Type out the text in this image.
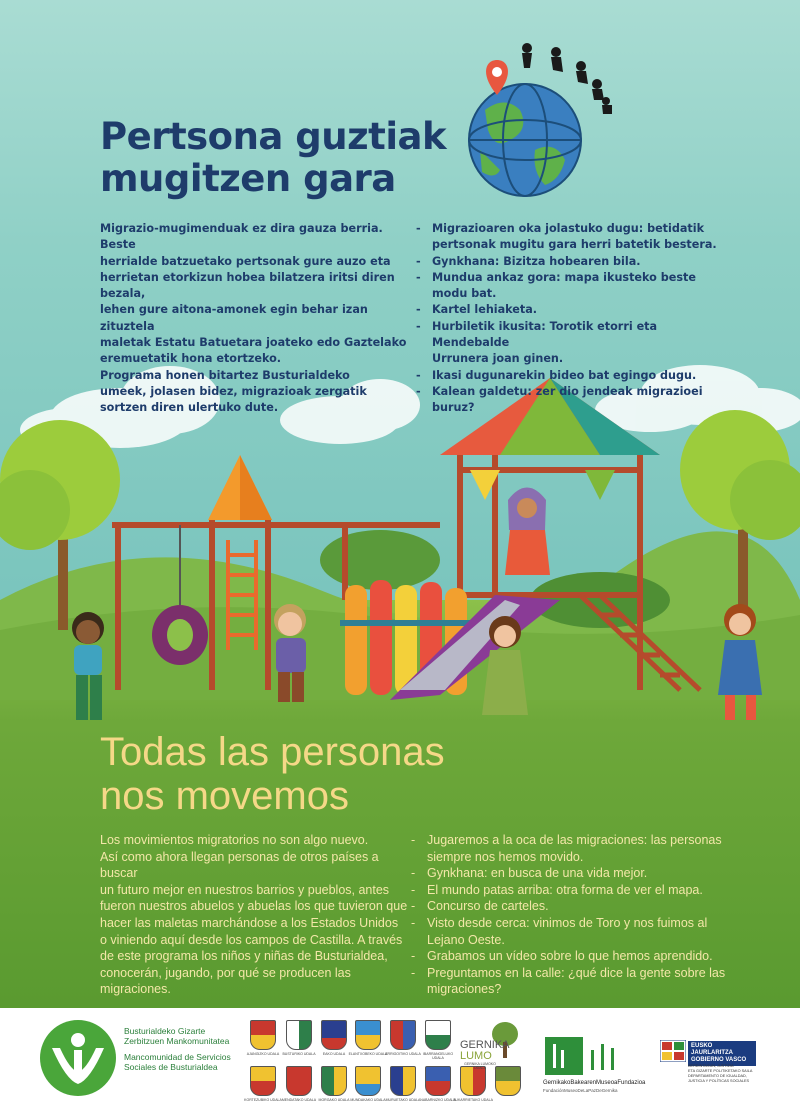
Pertsona guztiak
mugitzen gara
Migrazio-mugimenduak ez dira gauza berria. Beste
herrialde batzuetako pertsonak gure auzo eta
herrietan etorkizun hobea bilatzera iritsi diren bezala,
lehen gure aitona-amonek egin behar izan zituztela
maletak Estatu Batuetara joateko edo Gaztelako
eremuetatik hona etortzeko.
Programa honen bitartez Busturialdeko
umeek, jolasen bidez, migrazioak zergatik
sortzen diren ulertuko dute.
- Migrazioaren oka jolastuko dugu: betidatik
pertsonak mugitu gara herri batetik bestera.
- Gynkhana: Bizitza hobearen bila.
- Mundua ankaz gora: mapa ikusteko beste modu bat.
- Kartel lehiaketa.
- Hurbiletik ikusita: Torotik etorri eta Mendebalde
Urrunera joan ginen.
- Ikasi dugunarekin bideo bat egingo dugu.
- Kalean galdetu: zer dio jendeak migrazioei buruz?
Todas las personas
nos movemos
Los movimientos migratorios no son algo nuevo.
Así como ahora llegan personas de otros países a buscar
un futuro mejor en nuestros barrios y pueblos, antes
fueron nuestros abuelos y abuelas los que tuvieron que
hacer las maletas marchándose a los Estados Unidos
o viniendo aquí desde los campos de Castilla. A través
de este programa los niños y niñas de Busturialdea,
conocerán, jugando, por qué se producen las migraciones.
- Jugaremos a la oca de las migraciones: las personas
siempre nos hemos movido.
- Gynkhana: en busca de una vida mejor.
- El mundo patas arriba: otra forma de ver el mapa.
- Concurso de carteles.
- Visto desde cerca: vinimos de Toro y nos fuimos al
Lejano Oeste.
- Grabamos un vídeo sobre lo que hemos aprendido.
- Preguntamos en la calle: ¿qué dice la gente sobre las
migraciones?
Busturialdeko Gizarte
Zerbitzuen Mankomunitatea
Mancomunidad de Servicios
Sociales de Busturialdea
AJANGIZKO UDALA BUSTURIKO UDALA	EAKO UDALA ELANTXOBEKO UDALA
ERRIGOITIKO UDALA IBARRANGELUKO UDALA
KORTEZUBIKO UDALA MENDATAKO UDALA MORGAKO UDALA MUNDAKAKO UDALA MURUETAKO UDALA NABARNIZKO UDALA
SUKARRIETAKO UDALA
GERNIKA
LUMO
GERNIKA LUMOKO UDALA
GernikakoBakearenMuseoaFundazioa
FundaciónMuseoDeLaPazDeGernika
EUSKO JAURLARITZA
GOBIERNO VASCO
BERDINTASUN, JUSTIZIA
ETA GIZARTE POLITIKETAKO SAILA
DEPARTAMENTO DE IGUALDAD,
JUSTICIA Y POLÍTICAS SOCIALES
